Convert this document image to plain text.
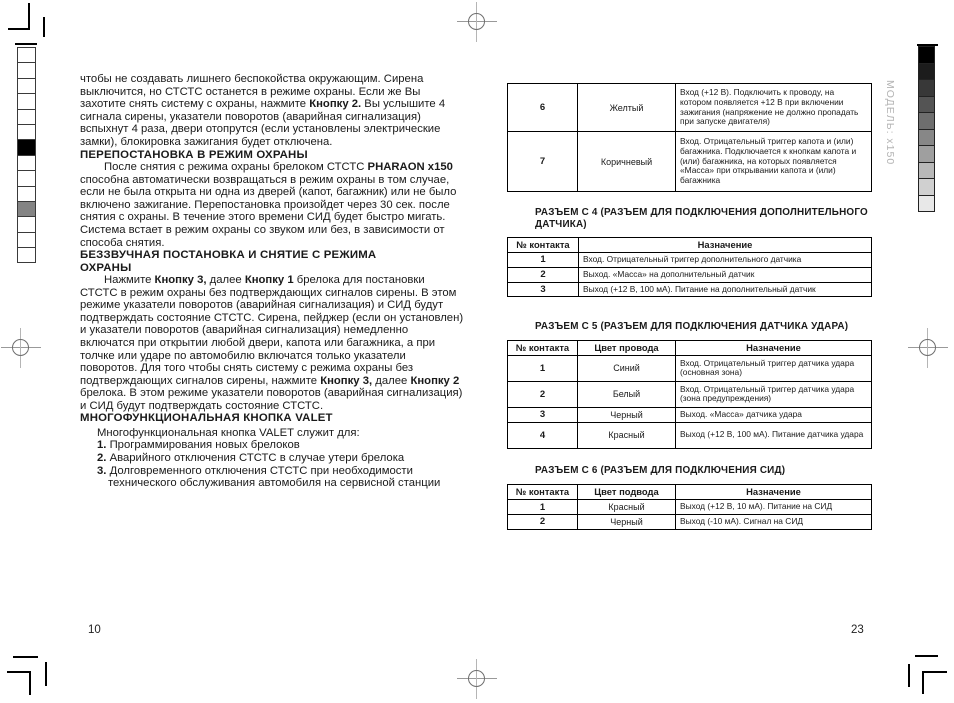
МОДЕЛЬ: x150

чтобы не создавать лишнего беспокойства окружающим. Сирена выключится, но СТСТС останется в режиме охраны. Если же Вы захотите снять систему с охраны, нажмите Кнопку 2. Вы услышите 4 сигнала сирены, указатели поворотов (аварийная сигнализация) вспыхнут 4 раза, двери отопрутся (если установлены электрические замки), блокировка зажигания будет отключена.

ПЕРЕПОСТАНОВКА В РЕЖИМ ОХРАНЫ

После снятия с режима охраны брелоком СТСТС PHARAON x150 способна автоматически возвращаться в режим охраны в том случае, если не была открыта ни одна из дверей (капот, багажник) или не было включено зажигание. Перепостановка произойдет через 30 сек. после снятия с охраны. В течение этого времени СИД будет быстро мигать. Система встает в режим охраны со звуком или без, в зависимости от способа снятия.

БЕЗЗВУЧНАЯ ПОСТАНОВКА И СНЯТИЕ С РЕЖИМА ОХРАНЫ

Нажмите Кнопку 3, далее Кнопку 1 брелока для постановки СТСТС в режим охраны без подтверждающих сигналов сирены. В этом режиме указатели поворотов (аварийная сигнализация) и СИД будут подтверждать состояние СТСТС. Сирена, пейджер (если он установлен) и указатели поворотов (аварийная сигнализация) немедленно включатся при открытии любой двери, капота или багажника, а при толчке или ударе по автомобилю включатся только указатели поворотов. Для того чтобы снять систему с режима охраны без подтверждающих сигналов сирены, нажмите Кнопку 3, далее Кнопку 2 брелока. В этом режиме указатели поворотов (аварийная сигнализация) и СИД будут подтверждать состояние СТСТС.

МНОГОФУНКЦИОНАЛЬНАЯ КНОПКА VALET

Многофункциональная кнопка VALET служит для:

1. Программирования новых брелоков

2. Аварийного отключения СТСТС в случае утери брелока

3. Долговременного отключения СТСТС при необходимости технического обслуживания автомобиля на сервисной станции

10
6	Желтый	Вход (+12 В). Подключить к проводу, на котором появляется +12 В при включении зажигания (напряжение не должно пропадать при запуске двигателя)
7	Коричневый	Вход. Отрицательный триггер капота и (или) багажника. Подключается к кнопкам капота и (или) багажника, на которых появляется «Масса» при открывании капота и (или) багажника

РАЗЪЕМ С 4 (РАЗЪЕМ ДЛЯ ПОДКЛЮЧЕНИЯ ДОПОЛНИТЕЛЬНОГО ДАТЧИКА)

№ контакта	Назначение
1	Вход. Отрицательный триггер дополнительного датчика
2	Выход. «Масса» на дополнительный датчик
3	Выход (+12 В, 100 мА). Питание на дополнительный датчик

РАЗЪЕМ С 5 (РАЗЪЕМ ДЛЯ ПОДКЛЮЧЕНИЯ ДАТЧИКА УДАРА)

№ контакта	Цвет провода	Назначение
1	Синий	Вход. Отрицательный триггер датчика удара (основная зона)
2	Белый	Вход. Отрицательный триггер датчика удара (зона предупреждения)
3	Черный	Выход. «Масса» датчика удара
4	Красный	Выход (+12 В, 100 мА). Питание датчика удара

РАЗЪЕМ С 6 (РАЗЪЕМ ДЛЯ ПОДКЛЮЧЕНИЯ СИД)

№ контакта	Цвет подвода	Назначение
1	Красный	Выход (+12 В, 10 мА). Питание на СИД
2	Черный	Выход (-10 мА). Сигнал на СИД
23
